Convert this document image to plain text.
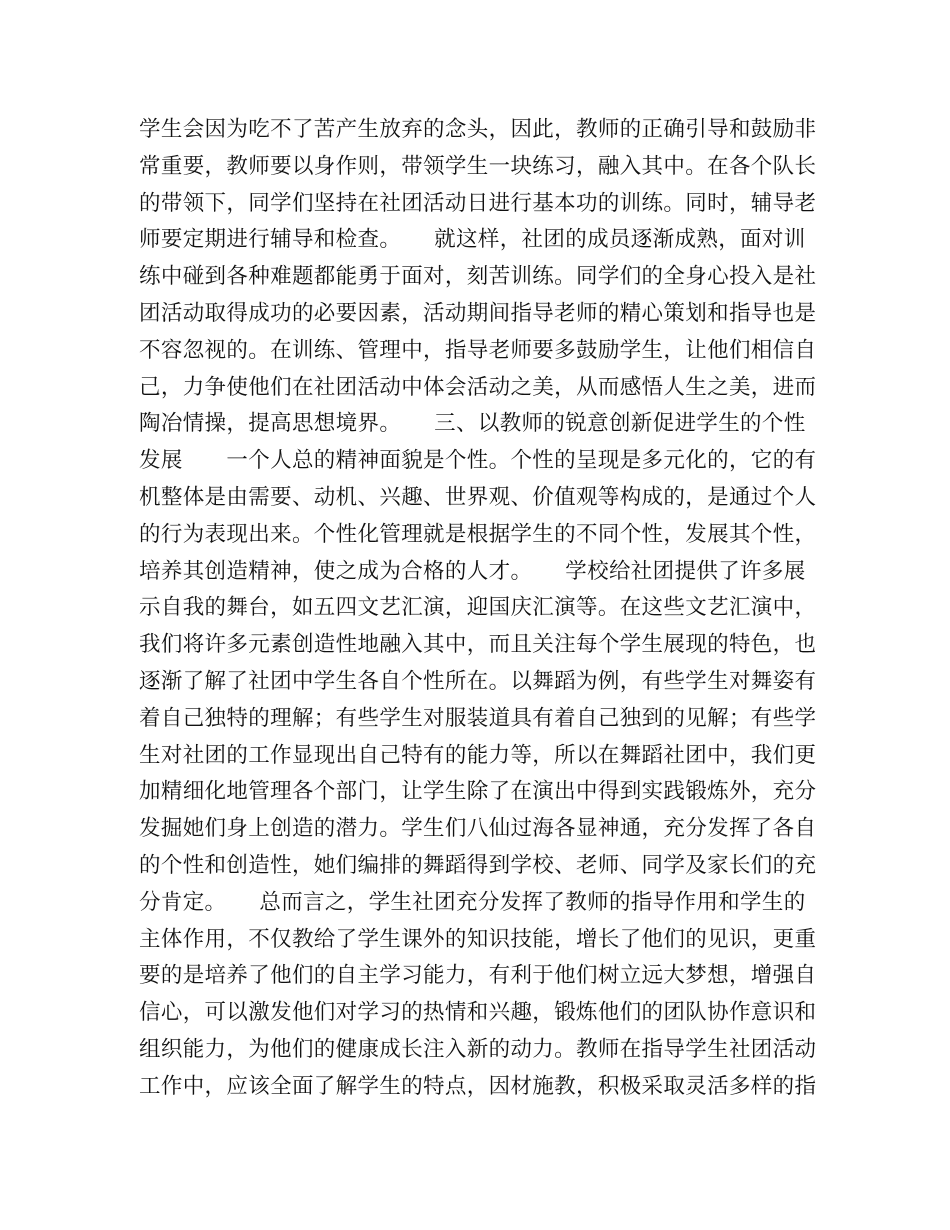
学生会因为吃不了苦产生放弃的念头，因此，教师的正确引导和鼓励非
常重要，教师要以身作则，带领学生一块练习，融入其中。在各个队长
的带领下，同学们坚持在社团活动日进行基本功的训练。同时，辅导老
师要定期进行辅导和检查。　　就这样，社团的成员逐渐成熟，面对训
练中碰到各种难题都能勇于面对，刻苦训练。同学们的全身心投入是社
团活动取得成功的必要因素，活动期间指导老师的精心策划和指导也是
不容忽视的。在训练、管理中，指导老师要多鼓励学生，让他们相信自
己，力争使他们在社团活动中体会活动之美，从而感悟人生之美，进而
陶冶情操，提高思想境界。　　三、以教师的锐意创新促进学生的个性
发展　　一个人总的精神面貌是个性。个性的呈现是多元化的，它的有
机整体是由需要、动机、兴趣、世界观、价值观等构成的，是通过个人
的行为表现出来。个性化管理就是根据学生的不同个性，发展其个性，
培养其创造精神，使之成为合格的人才。　　学校给社团提供了许多展
示自我的舞台，如五四文艺汇演，迎国庆汇演等。在这些文艺汇演中，
我们将许多元素创造性地融入其中，而且关注每个学生展现的特色，也
逐渐了解了社团中学生各自个性所在。以舞蹈为例，有些学生对舞姿有
着自己独特的理解；有些学生对服装道具有着自己独到的见解；有些学
生对社团的工作显现出自己特有的能力等，所以在舞蹈社团中，我们更
加精细化地管理各个部门，让学生除了在演出中得到实践锻炼外，充分
发掘她们身上创造的潜力。学生们八仙过海各显神通，充分发挥了各自
的个性和创造性，她们编排的舞蹈得到学校、老师、同学及家长们的充
分肯定。　　总而言之，学生社团充分发挥了教师的指导作用和学生的
主体作用，不仅教给了学生课外的知识技能，增长了他们的见识，更重
要的是培养了他们的自主学习能力，有利于他们树立远大梦想，增强自
信心，可以激发他们对学习的热情和兴趣，锻炼他们的团队协作意识和
组织能力，为他们的健康成长注入新的动力。教师在指导学生社团活动
工作中，应该全面了解学生的特点，因材施教，积极采取灵活多样的指
